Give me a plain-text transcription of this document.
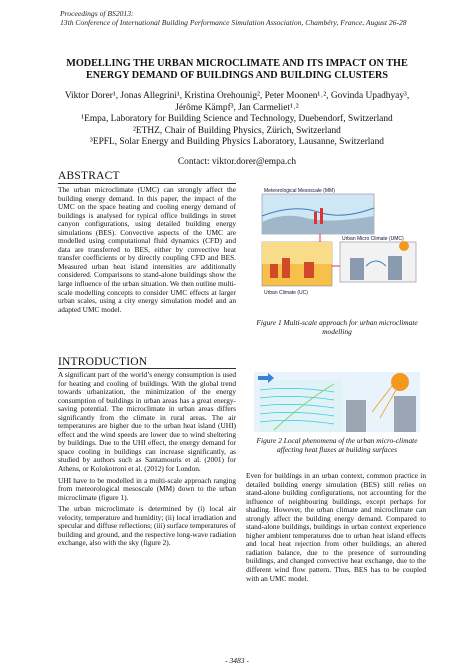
Proceedings of BS2013:
13th Conference of International Building Performance Simulation Association, Chambéry, France, August 26-28
MODELLING THE URBAN MICROCLIMATE AND ITS IMPACT ON THE
ENERGY DEMAND OF BUILDINGS AND BUILDING CLUSTERS
Viktor Dorer¹, Jonas Allegrini¹, Kristina Orehounig², Peter Moonen¹˒², Govinda Upadhyay³,
Jérôme Kämpf³, Jan Carmeliet¹˒²
¹Empa, Laboratory for Building Science and Technology, Duebendorf, Switzerland
²ETHZ, Chair of Building Physics, Zürich, Switzerland
³EPFL, Solar Energy and Building Physics Laboratory, Lausanne, Switzerland
Contact: viktor.dorer@empa.ch
ABSTRACT

The urban microclimate (UMC) can strongly affect the building energy demand. In this paper, the impact of the UMC on the space heating and cooling energy demand of buildings is analysed for typical office buildings in street canyon configurations, using detailed building energy simulations (BES). Convective aspects of the UMC are modelled using computational fluid dynamics (CFD) and data are transferred to BES, either by convective heat transfer coefficients or by directly coupling CFD and BES. Measured urban heat island intensities are additionally considered. Comparisons to stand-alone buildings show the large influence of the urban situation. We then outline multi-scale modelling concepts to consider UMC effects at larger urban scales, using a city energy simulation model and an adapted UMC model.

INTRODUCTION

A significant part of the world’s energy consumption is used for heating and cooling of buildings. With the global trend towards urbanization, the minimization of the energy consumption of buildings in urban areas has a great energy-saving potential. The microclimate in urban areas differs significantly from the climate in rural areas. The air temperatures are higher due to the urban heat island (UHI) effect and the wind speeds are lower due to wind sheltering by buildings. Due to the UHI effect, the energy demand for space cooling in buildings can increase significantly, as studied by authors such as Santamouris et al. (2001) for Athens, or Kolokotroni et al. (2012) for London.

UHI have to be modelled in a multi-scale approach ranging from meteorological mesoscale (MM) down to the urban microclimate (figure 1).

The urban microclimate is determined by (i) local air velocity, temperature and humidity; (ii) local irradiation and specular and diffuse reflections; (iii) surface temperatures of building and ground, and the respective long-wave radiation exchange, also with the sky (figure 2).

Meteorological Mesoscale (MM)
Urban Micro Climate (UMC)
Urban Climate (UC)
Figure 1 Multi-scale approach for urban microclimate modelling
Figure 2 Local phenomena of the urban micro-climate affecting heat fluxes at building surfaces

Even for buildings in an urban context, common practice in detailed building energy simulation (BES) still relies on stand-alone building configurations, not accounting for the influence of neighbouring buildings, except perhaps for shading. However, the urban climate and microclimate can strongly affect the building energy demand. Compared to stand-alone buildings, buildings in urban context experience higher ambient temperatures due to urban heat island effects and local heat rejection from other buildings, an altered radiation balance, due to the presence of surrounding buildings, and changed convective heat exchange, due to the different wind flow pattern. Thus, BES has to be coupled with an UMC model.

- 3483 -
